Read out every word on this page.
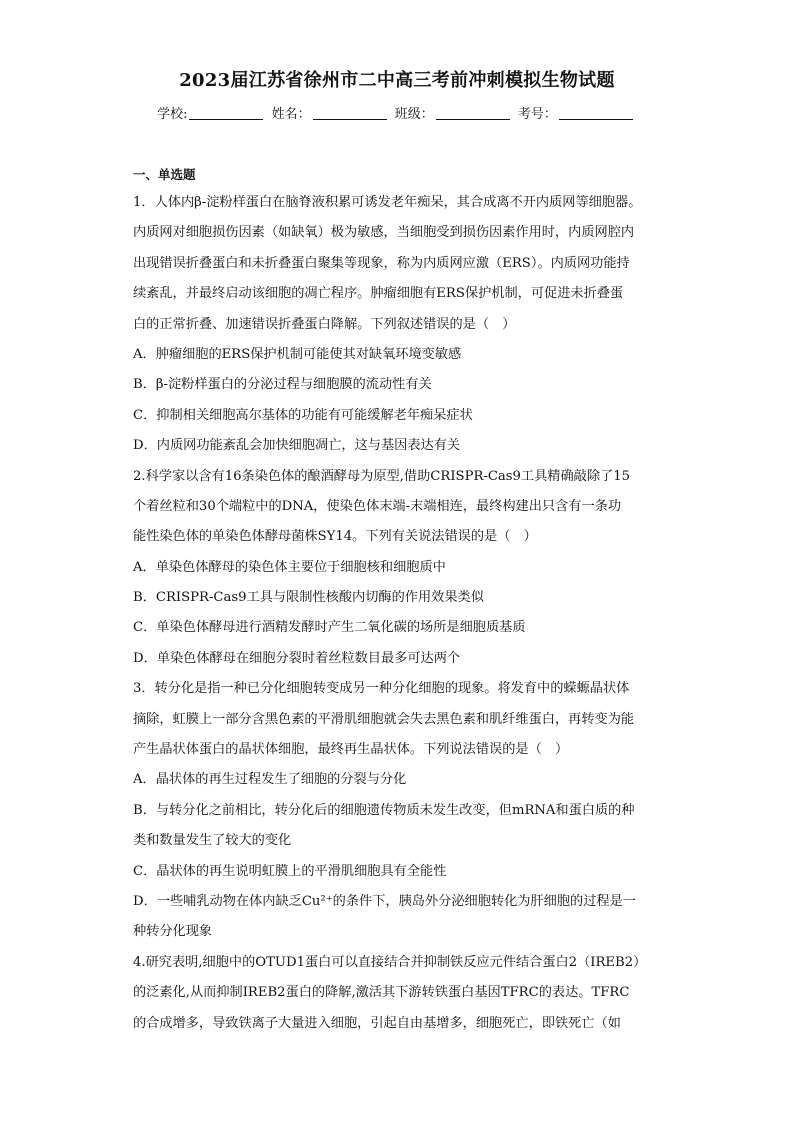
2023届江苏省徐州市二中高三考前冲刺模拟生物试题
学校:	姓名：	班级：	考号：
一、单选题
1．人体内β-淀粉样蛋白在脑脊液积累可诱发老年痴呆，其合成离不开内质网等细胞器。
内质网对细胞损伤因素（如缺氧）极为敏感，当细胞受到损伤因素作用时，内质网腔内
出现错误折叠蛋白和未折叠蛋白聚集等现象，称为内质网应激（ERS）。内质网功能持
续紊乱，并最终启动该细胞的凋亡程序。肿瘤细胞有ERS保护机制，可促进未折叠蛋
白的正常折叠、加速错误折叠蛋白降解。下列叙述错误的是（　）
A．肿瘤细胞的ERS保护机制可能使其对缺氧环境变敏感
B．β-淀粉样蛋白的分泌过程与细胞膜的流动性有关
C．抑制相关细胞高尔基体的功能有可能缓解老年痴呆症状
D．内质网功能紊乱会加快细胞凋亡，这与基因表达有关
2.科学家以含有16条染色体的酿酒酵母为原型,借助CRISPR-Cas9工具精确敲除了15
个着丝粒和30个端粒中的DNA，使染色体末端-末端相连，最终构建出只含有一条功
能性染色体的单染色体酵母菌株SY14。下列有关说法错误的是（　）
A．单染色体酵母的染色体主要位于细胞核和细胞质中
B．CRISPR-Cas9工具与限制性核酸内切酶的作用效果类似
C．单染色体酵母进行酒精发酵时产生二氧化碳的场所是细胞质基质
D．单染色体酵母在细胞分裂时着丝粒数目最多可达两个
3．转分化是指一种已分化细胞转变成另一种分化细胞的现象。将发育中的蝾螈晶状体
摘除，虹膜上一部分含黑色素的平滑肌细胞就会失去黑色素和肌纤维蛋白，再转变为能
产生晶状体蛋白的晶状体细胞，最终再生晶状体。下列说法错误的是（　）
A．晶状体的再生过程发生了细胞的分裂与分化
B．与转分化之前相比，转分化后的细胞遗传物质未发生改变，但mRNA和蛋白质的种
类和数量发生了较大的变化
C．晶状体的再生说明虹膜上的平滑肌细胞具有全能性
D．一些哺乳动物在体内缺乏Cu²⁺的条件下，胰岛外分泌细胞转化为肝细胞的过程是一
种转分化现象
4.研究表明,细胞中的OTUD1蛋白可以直接结合并抑制铁反应元件结合蛋白2（IREB2）
的泛素化,从而抑制IREB2蛋白的降解,激活其下游转铁蛋白基因TFRC的表达。TFRC
的合成增多，导致铁离子大量进入细胞，引起自由基增多，细胞死亡，即铁死亡（如
